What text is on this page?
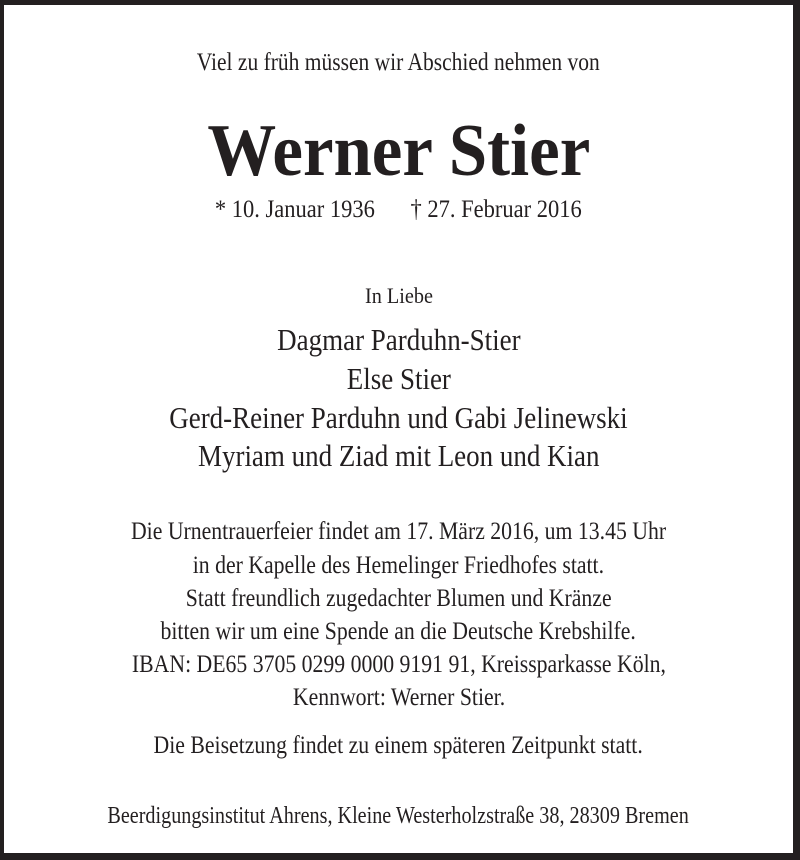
Viel zu früh müssen wir Abschied nehmen von
Werner Stier
* 10. Januar 1936 † 27. Februar 2016
In Liebe
Dagmar Parduhn-Stier
Else Stier
Gerd-Reiner Parduhn und Gabi Jelinewski
Myriam und Ziad mit Leon und Kian
Die Urnentrauerfeier findet am 17. März 2016, um 13.45 Uhr
in der Kapelle des Hemelinger Friedhofes statt.
Statt freundlich zugedachter Blumen und Kränze
bitten wir um eine Spende an die Deutsche Krebshilfe.
IBAN: DE65 3705 0299 0000 9191 91, Kreissparkasse Köln,
Kennwort: Werner Stier.
Die Beisetzung findet zu einem späteren Zeitpunkt statt.
Beerdigungsinstitut Ahrens, Kleine Westerholzstraße 38, 28309 Bremen
